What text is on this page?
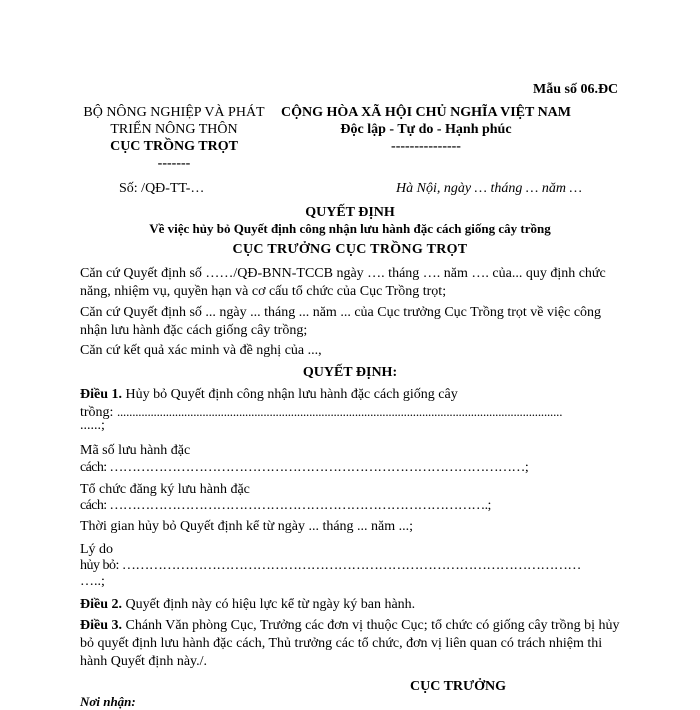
Mẫu số 06.ĐC
BỘ NÔNG NGHIỆP VÀ PHÁT
TRIỂN NÔNG THÔN
CỤC TRỒNG TRỌT
-------
CỘNG HÒA XÃ HỘI CHỦ NGHĨA VIỆT NAM
Độc lập - Tự do - Hạnh phúc
---------------
Số: /QĐ-TT-…	Hà Nội, ngày … tháng … năm …
QUYẾT ĐỊNH
Về việc hủy bỏ Quyết định công nhận lưu hành đặc cách giống cây trồng
CỤC TRƯỞNG CỤC TRỒNG TRỌT
Căn cứ Quyết định số ……/QĐ-BNN-TCCB ngày …. tháng …. năm …. của... quy định chức năng, nhiệm vụ, quyền hạn và cơ cấu tổ chức của Cục Trồng trọt;
Căn cứ Quyết định số ... ngày ... tháng ... năm ... của Cục trưởng Cục Trồng trọt về việc công nhận lưu hành đặc cách giống cây trồng;
Căn cứ kết quả xác minh và đề nghị của ...,
QUYẾT ĐỊNH:
Điều 1. Hủy bỏ Quyết định công nhận lưu hành đặc cách giống cây
trồng: ..................................................................................................................................................
......;
Mã số lưu hành đặc
cách: …………………………………………………………………………………;
Tổ chức đăng ký lưu hành đặc
cách: ………………………………………………………………………….;
Thời gian hủy bỏ Quyết định kể từ ngày ... tháng ... năm ...;
Lý do
hủy bỏ: …………………………………………………………………………………………
…..;
Điều 2. Quyết định này có hiệu lực kể từ ngày ký ban hành.
Điều 3. Chánh Văn phòng Cục, Trưởng các đơn vị thuộc Cục; tổ chức có giống cây trồng bị hủy bỏ quyết định lưu hành đặc cách, Thủ trưởng các tổ chức, đơn vị liên quan có trách nhiệm thi hành Quyết định này./.
CỤC TRƯỞNG
Nơi nhận:
